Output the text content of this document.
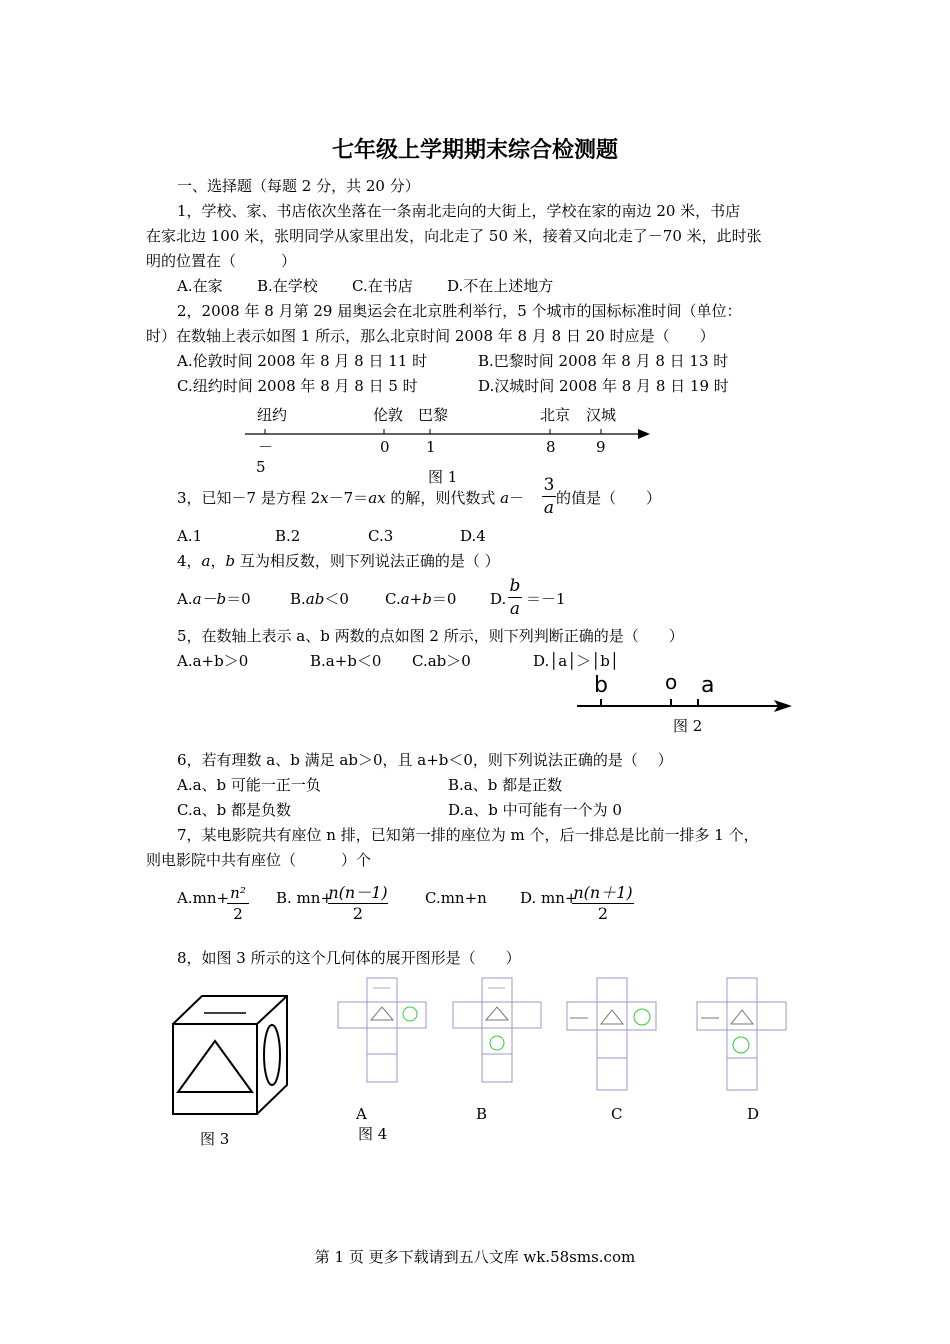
七年级上学期期末综合检测题
一、选择题（每题 2 分，共 20 分）
1，学校、家、书店依次坐落在一条南北走向的大街上，学校在家的南边 20 米，书店
在家北边 100 米，张明同学从家里出发，向北走了 50 米，接着又向北走了－70 米，此时张
明的位置在（　　　）
A.在家 B.在学校 C.在书店 D.不在上述地方
2，2008 年 8 月第 29 届奥运会在北京胜利举行，5 个城市的国标标准时间（单位：
时）在数轴上表示如图 1 所示，那么北京时间 2008 年 8 月 8 日 20 时应是（　　）
A.伦敦时间 2008 年 8 月 8 日 11 时	B.巴黎时间 2008 年 8 月 8 日 13 时
C.纽约时间 2008 年 8 月 8 日 5 时	D.汉城时间 2008 年 8 月 8 日 19 时
纽约	伦敦 巴黎	北京 汉城
－
5
0 1	8	9
图 1
3，已知－7 是方程 2x－7＝ax 的解，则代数式 a－
3
a 的值是（　　）
A.1	B.2	C.3	D.4
4，a，b 互为相反数，则下列说法正确的是（ ）
A.a－b＝0	B.ab＜0 C.a+b＝0 D.
b
a ＝－1
5，在数轴上表示 a、b 两数的点如图 2 所示，则下列判断正确的是（　　）
A.a+b＞0	B.a+b＜0 C.ab＞0	D.│a│＞│b│
b	o a
图 2
6，若有理数 a、b 满足 ab＞0，且 a+b＜0，则下列说法正确的是（　 ）
A.a、b 可能一正一负	B.a、b 都是正数
C.a、b 都是负数	D.a、b 中可能有一个为 0
7，某电影院共有座位 n 排，已知第一排的座位为 m 个，后一排总是比前一排多 1 个，
则电影院中共有座位（　　　）个
A.mn+ n²
2
B. mn+
n(n－1)
2
C.mn+n D. mn+
n(n＋1)
2
8，如图 3 所示的这个几何体的展开图形是（　　）
图 3
A
图 4
B	C	D
第 1 页 更多下载请到五八文库 wk.58sms.com
